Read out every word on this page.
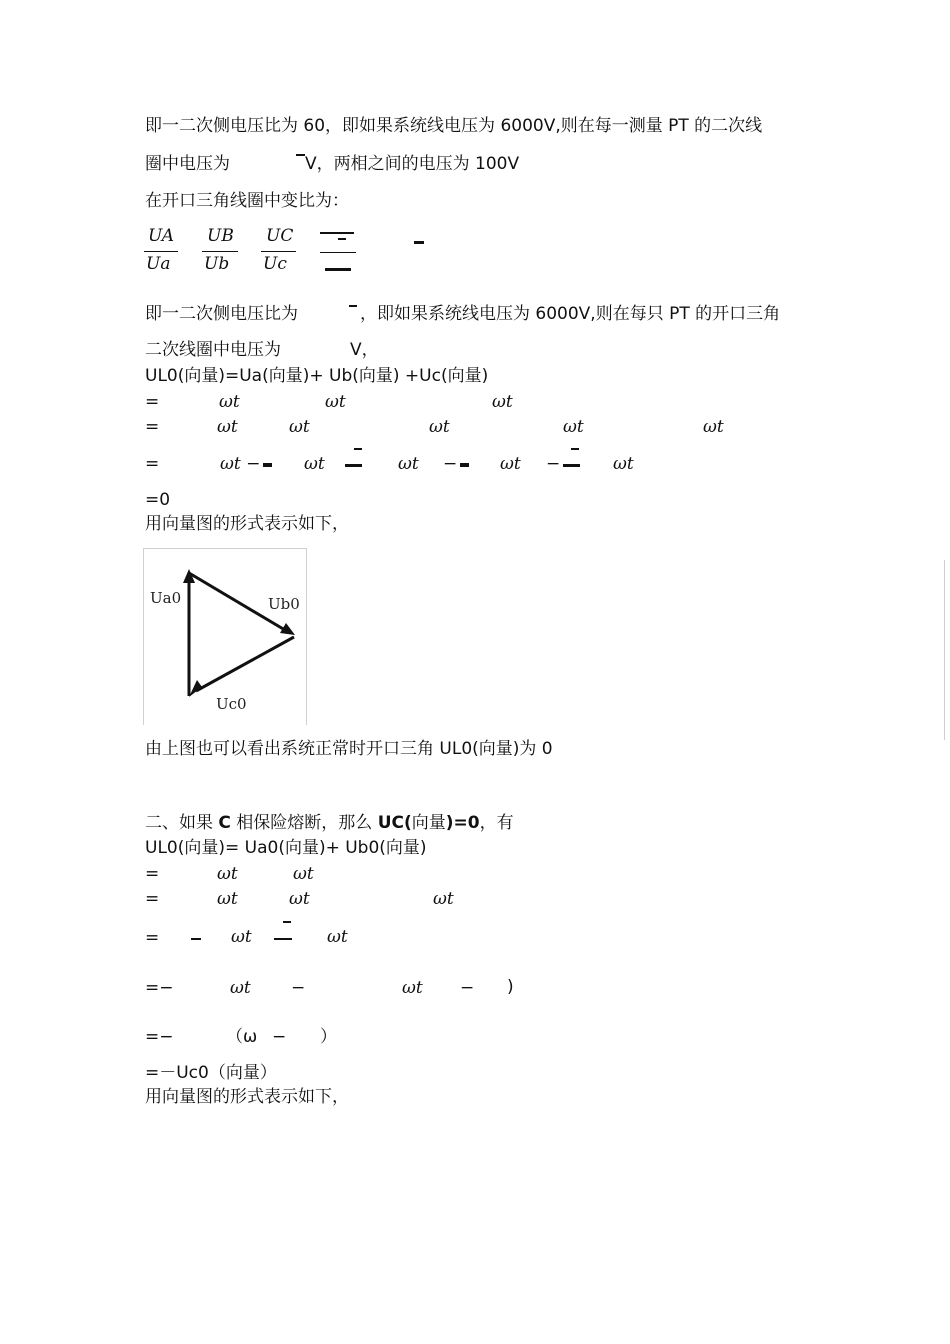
即一二次侧电压比为 60，即如果系统线电压为 6000V,则在每一测量 PT 的二次线
圈中电压为	V，两相之间的电压为 100V
在开口三角线圈中变比为：
UA
Ua
UB
Ub
UC
Uc
即一二次侧电压比为	，即如果系统线电压为 6000V,则在每只 PT 的开口三角
二次线圈中电压为	V，
UL0(向量)=Ua(向量)+ Ub(向量) +Uc(向量)
=	ωt	ωt	ωt
=	ωt	ωt	ωt	ωt	ωt
=	ωt −	ωt	ωt −	ωt −	ωt
=0
用向量图的形式表示如下，
Ua0	Ub0
Uc0
由上图也可以看出系统正常时开口三角 UL0(向量)为 0
二、如果 C 相保险熔断，那么 UC(向量)=0，有
UL0(向量)= Ua0(向量)+ Ub0(向量)
=	ωt	ωt
=	ωt	ωt	ωt
=	ωt	ωt
=−	ωt −	ωt − )
=−	（ω − ）
=－Uc0（向量）
用向量图的形式表示如下，
